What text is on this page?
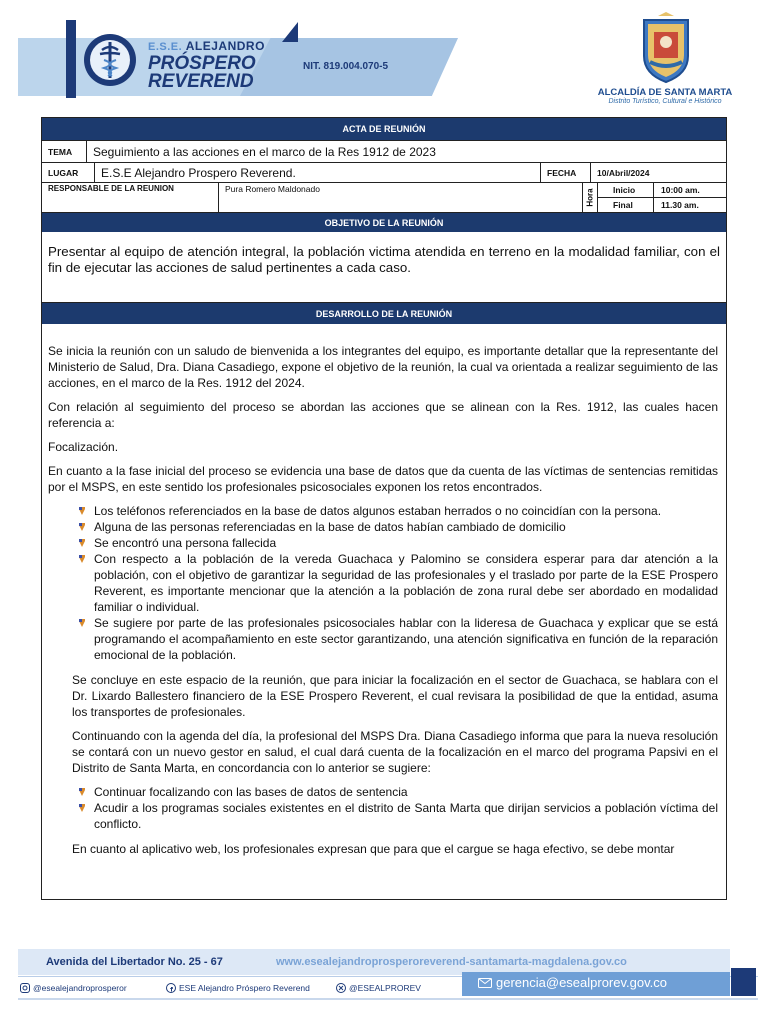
E.S.E. ALEJANDRO
PRÓSPERO
REVEREND
NIT. 819.004.070-5
ALCALDÍA DE SANTA MARTA
Distrito Turístico, Cultural e Histórico
ACTA DE REUNIÓN
TEMA	Seguimiento a las acciones en el marco de la Res 1912 de 2023
LUGAR	E.S.E Alejandro Prospero Reverend.	FECHA	10/Abril/2024
RESPONSABLE DE LA REUNION	Pura Romero Maldonado	Hora	Inicio	10:00 am.
Final	11.30 am.
OBJETIVO DE LA REUNIÓN
Presentar al equipo de atención integral, la población victima atendida en terreno en la modalidad familiar, con el fin de ejecutar las acciones de salud pertinentes a cada caso.
DESARROLLO DE LA REUNIÓN

Se inicia la reunión con un saludo de bienvenida a los integrantes del equipo, es importante detallar que la representante del Ministerio de Salud, Dra. Diana Casadiego, expone el objetivo de la reunión, la cual va orientada a realizar seguimiento de las acciones, en el marco de la Res. 1912 del 2024.

Con relación al seguimiento del proceso se abordan las acciones que se alinean con la Res. 1912, las cuales hacen referencia a:

Focalización.

En cuanto a la fase inicial del proceso se evidencia una base de datos que da cuenta de las víctimas de sentencias remitidas por el MSPS, en este sentido los profesionales psicosociales exponen los retos encontrados.

Los teléfonos referenciados en la base de datos algunos estaban herrados o no coincidían con la persona.
Alguna de las personas referenciadas en la base de datos habían cambiado de domicilio
Se encontró una persona fallecida
Con respecto a la población de la vereda Guachaca y Palomino se considera esperar para dar atención a la población, con el objetivo de garantizar la seguridad de las profesionales y el traslado por parte de la ESE Prospero Reverent, es importante mencionar que la atención a la población de zona rural debe ser abordado en modalidad familiar o individual.
Se sugiere por parte de las profesionales psicosociales hablar con la lideresa de Guachaca y explicar que se está programando el acompañamiento en este sector garantizando, una atención significativa en función de la reparación emocional de la población.

Se concluye en este espacio de la reunión, que para iniciar la focalización en el sector de Guachaca, se hablara con el Dr. Lixardo Ballestero financiero de la ESE Prospero Reverent, el cual revisara la posibilidad de que la entidad, asuma los transportes de profesionales.

Continuando con la agenda del día, la profesional del MSPS Dra. Diana Casadiego informa que para la nueva resolución se contará con un nuevo gestor en salud, el cual dará cuenta de la focalización en el marco del programa Papsivi en el Distrito de Santa Marta, en concordancia con lo anterior se sugiere:

Continuar focalizando con las bases de datos de sentencia
Acudir a los programas sociales existentes en el distrito de Santa Marta que dirijan servicios a población víctima del conflicto.

En cuanto al aplicativo web, los profesionales expresan que para que el cargue se haga efectivo, se debe montar

Avenida del Libertador No. 25 - 67	www.esealejandroprosperoreverend-santamarta-magdalena.gov.co
@esealejandroprosperor	ESE Alejandro Próspero Reverend	@ESEALPROREV	gerencia@esealprorev.gov.co
